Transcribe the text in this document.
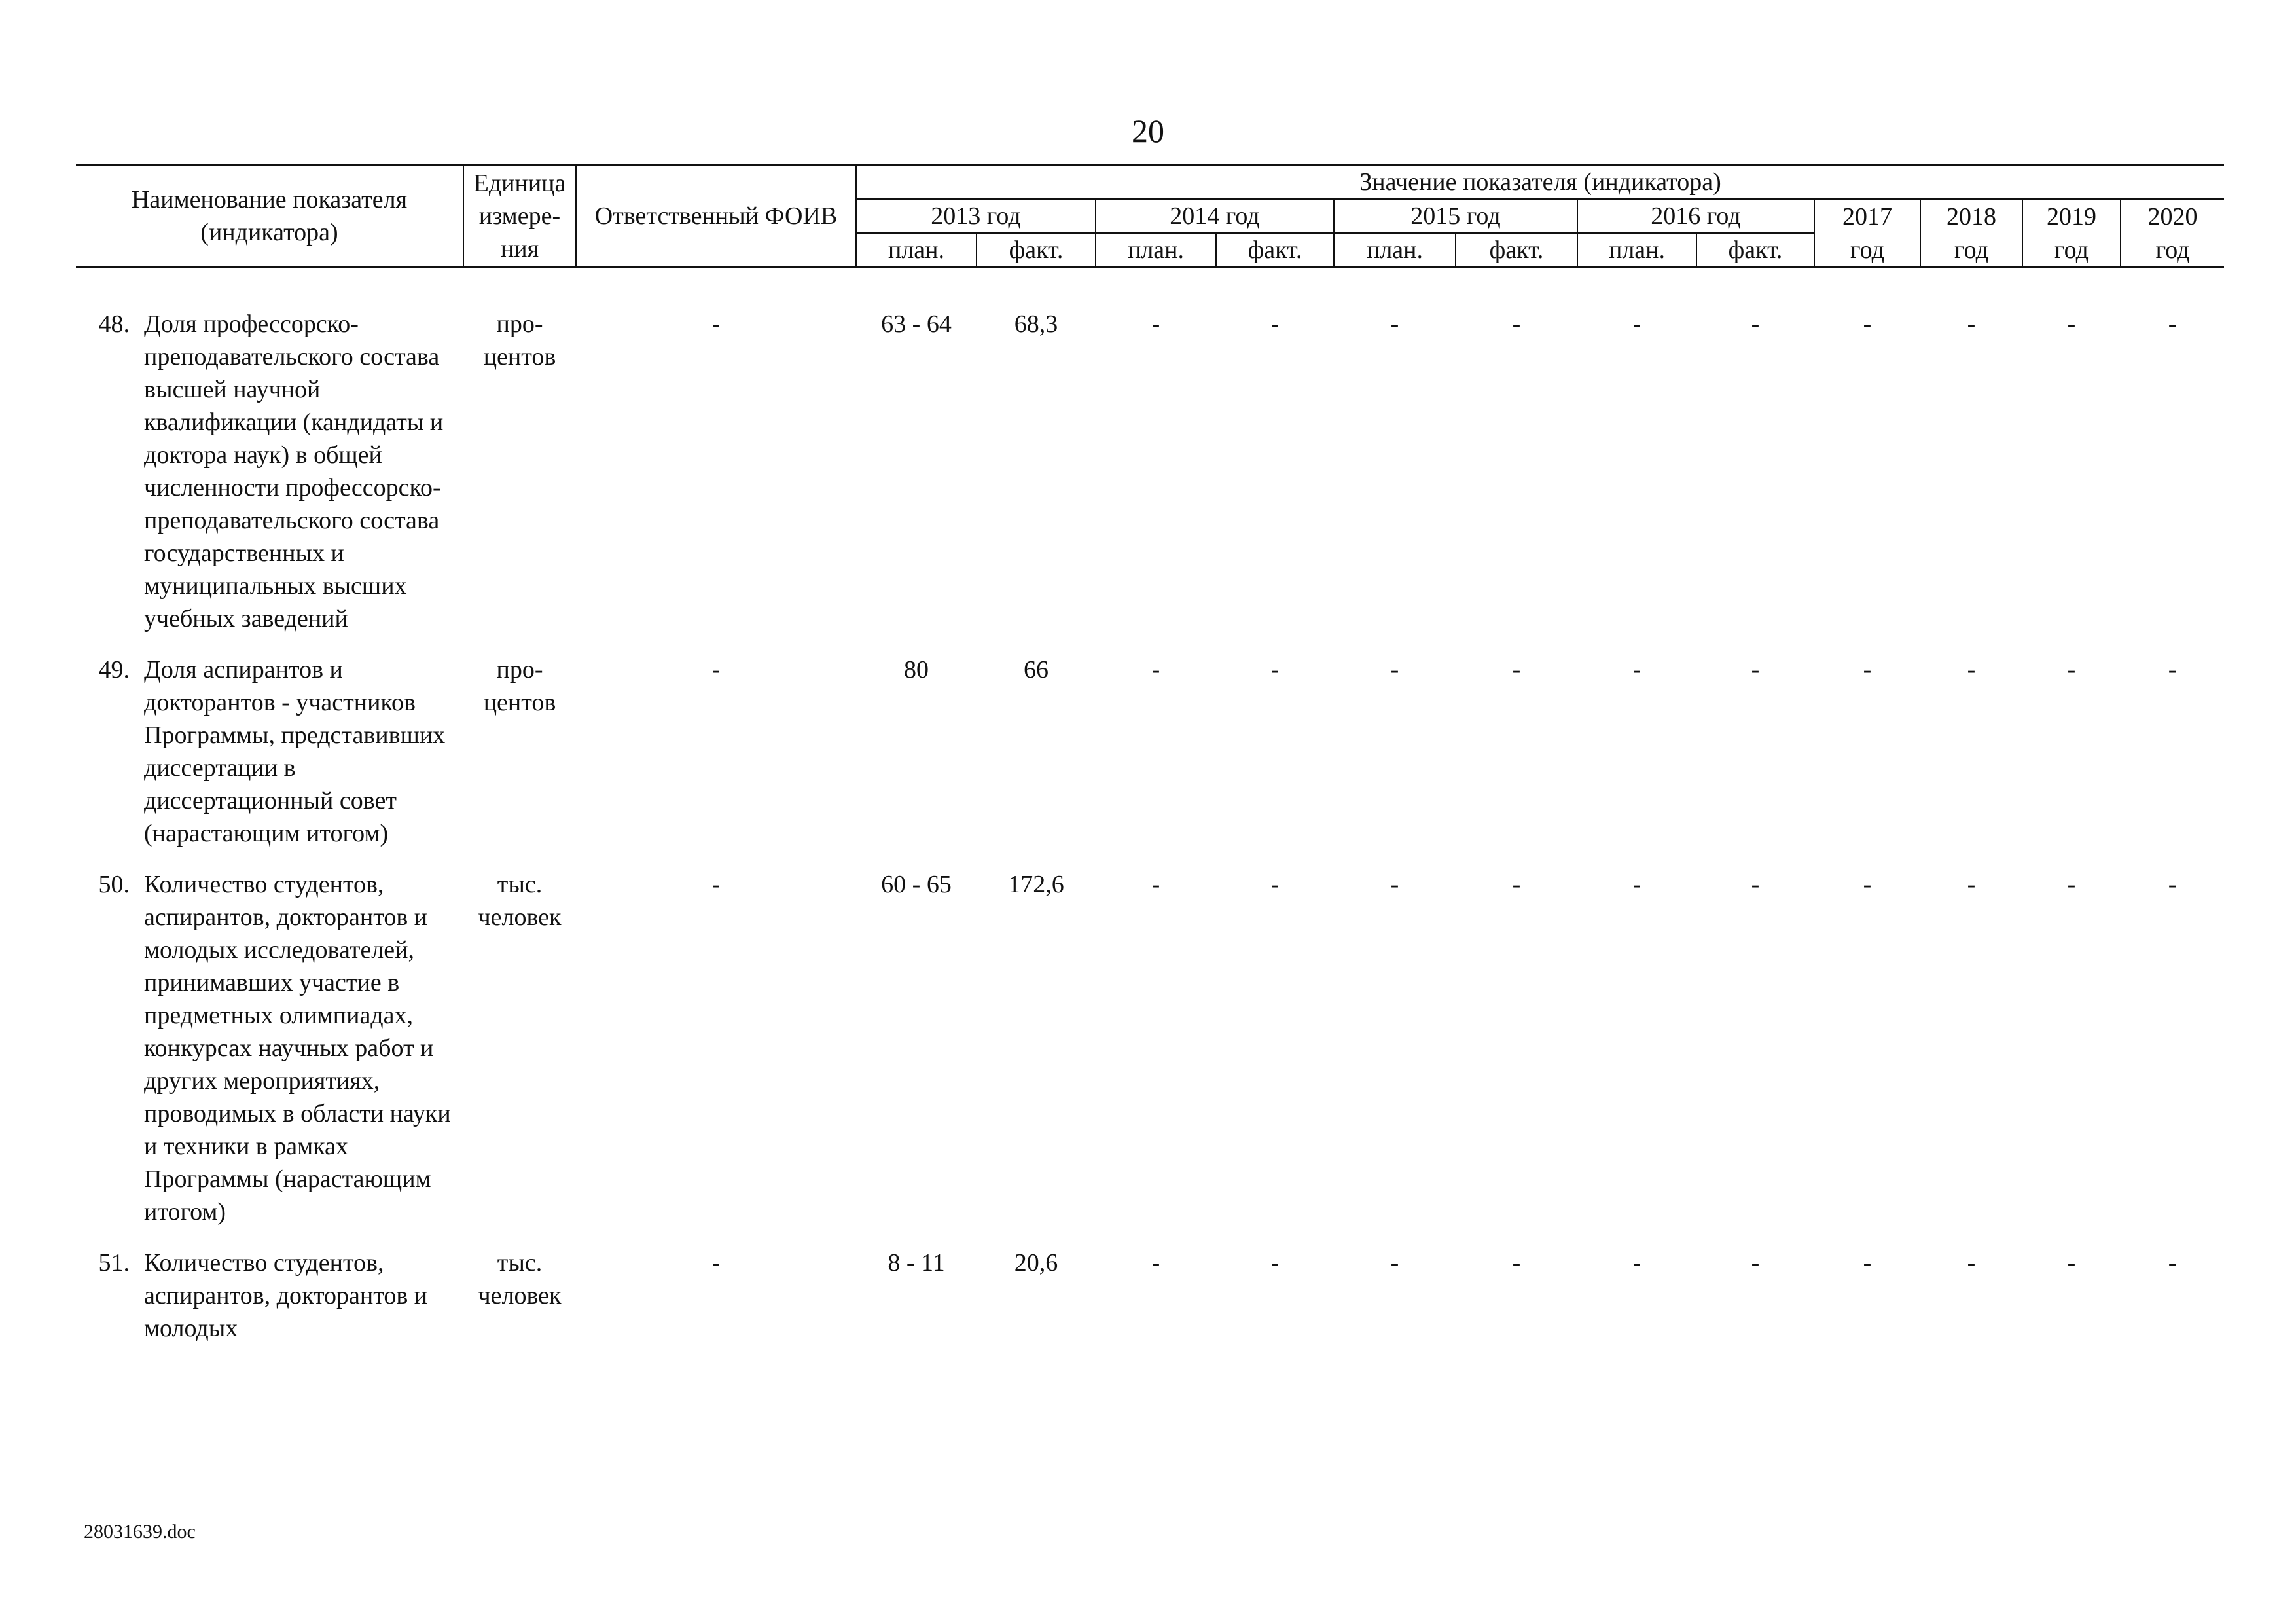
20
Наименование показателя (индикатора)		Единица измере- ния	Ответственный ФОИВ	Значение показателя (индикатора)											
				2013 год		2014 год		2015 год		2016 год		2017	2018	2019	2020
				план.	факт.	план.	факт.	план.	факт.	план.	факт.	год	год	год	год
48.	Доля профессорско-преподавательского состава высшей научной квалификации (кандидаты и доктора наук) в общей численности профессорско-преподавательского состава государственных и муниципальных высших учебных заведений	про-центов	-	63 - 64	68,3	-	-	-	-	-	-	-	-	-	-
49.	Доля аспирантов и докторантов - участников Программы, представивших диссертации в диссертационный совет (нарастающим итогом)	про-центов	-	80	66	-	-	-	-	-	-	-	-	-	-
50.	Количество студентов, аспирантов, докторантов и молодых исследователей, принимавших участие в предметных олимпиадах, конкурсах научных работ и других мероприятиях, проводимых в области науки и техники в рамках Программы (нарастающим итогом)	тыс. человек	-	60 - 65	172,6	-	-	-	-	-	-	-	-	-	-
51.	Количество студентов, аспирантов, докторантов и молодых	тыс. человек	-	8 - 11	20,6	-	-	-	-	-	-	-	-	-	-
28031639.doc
